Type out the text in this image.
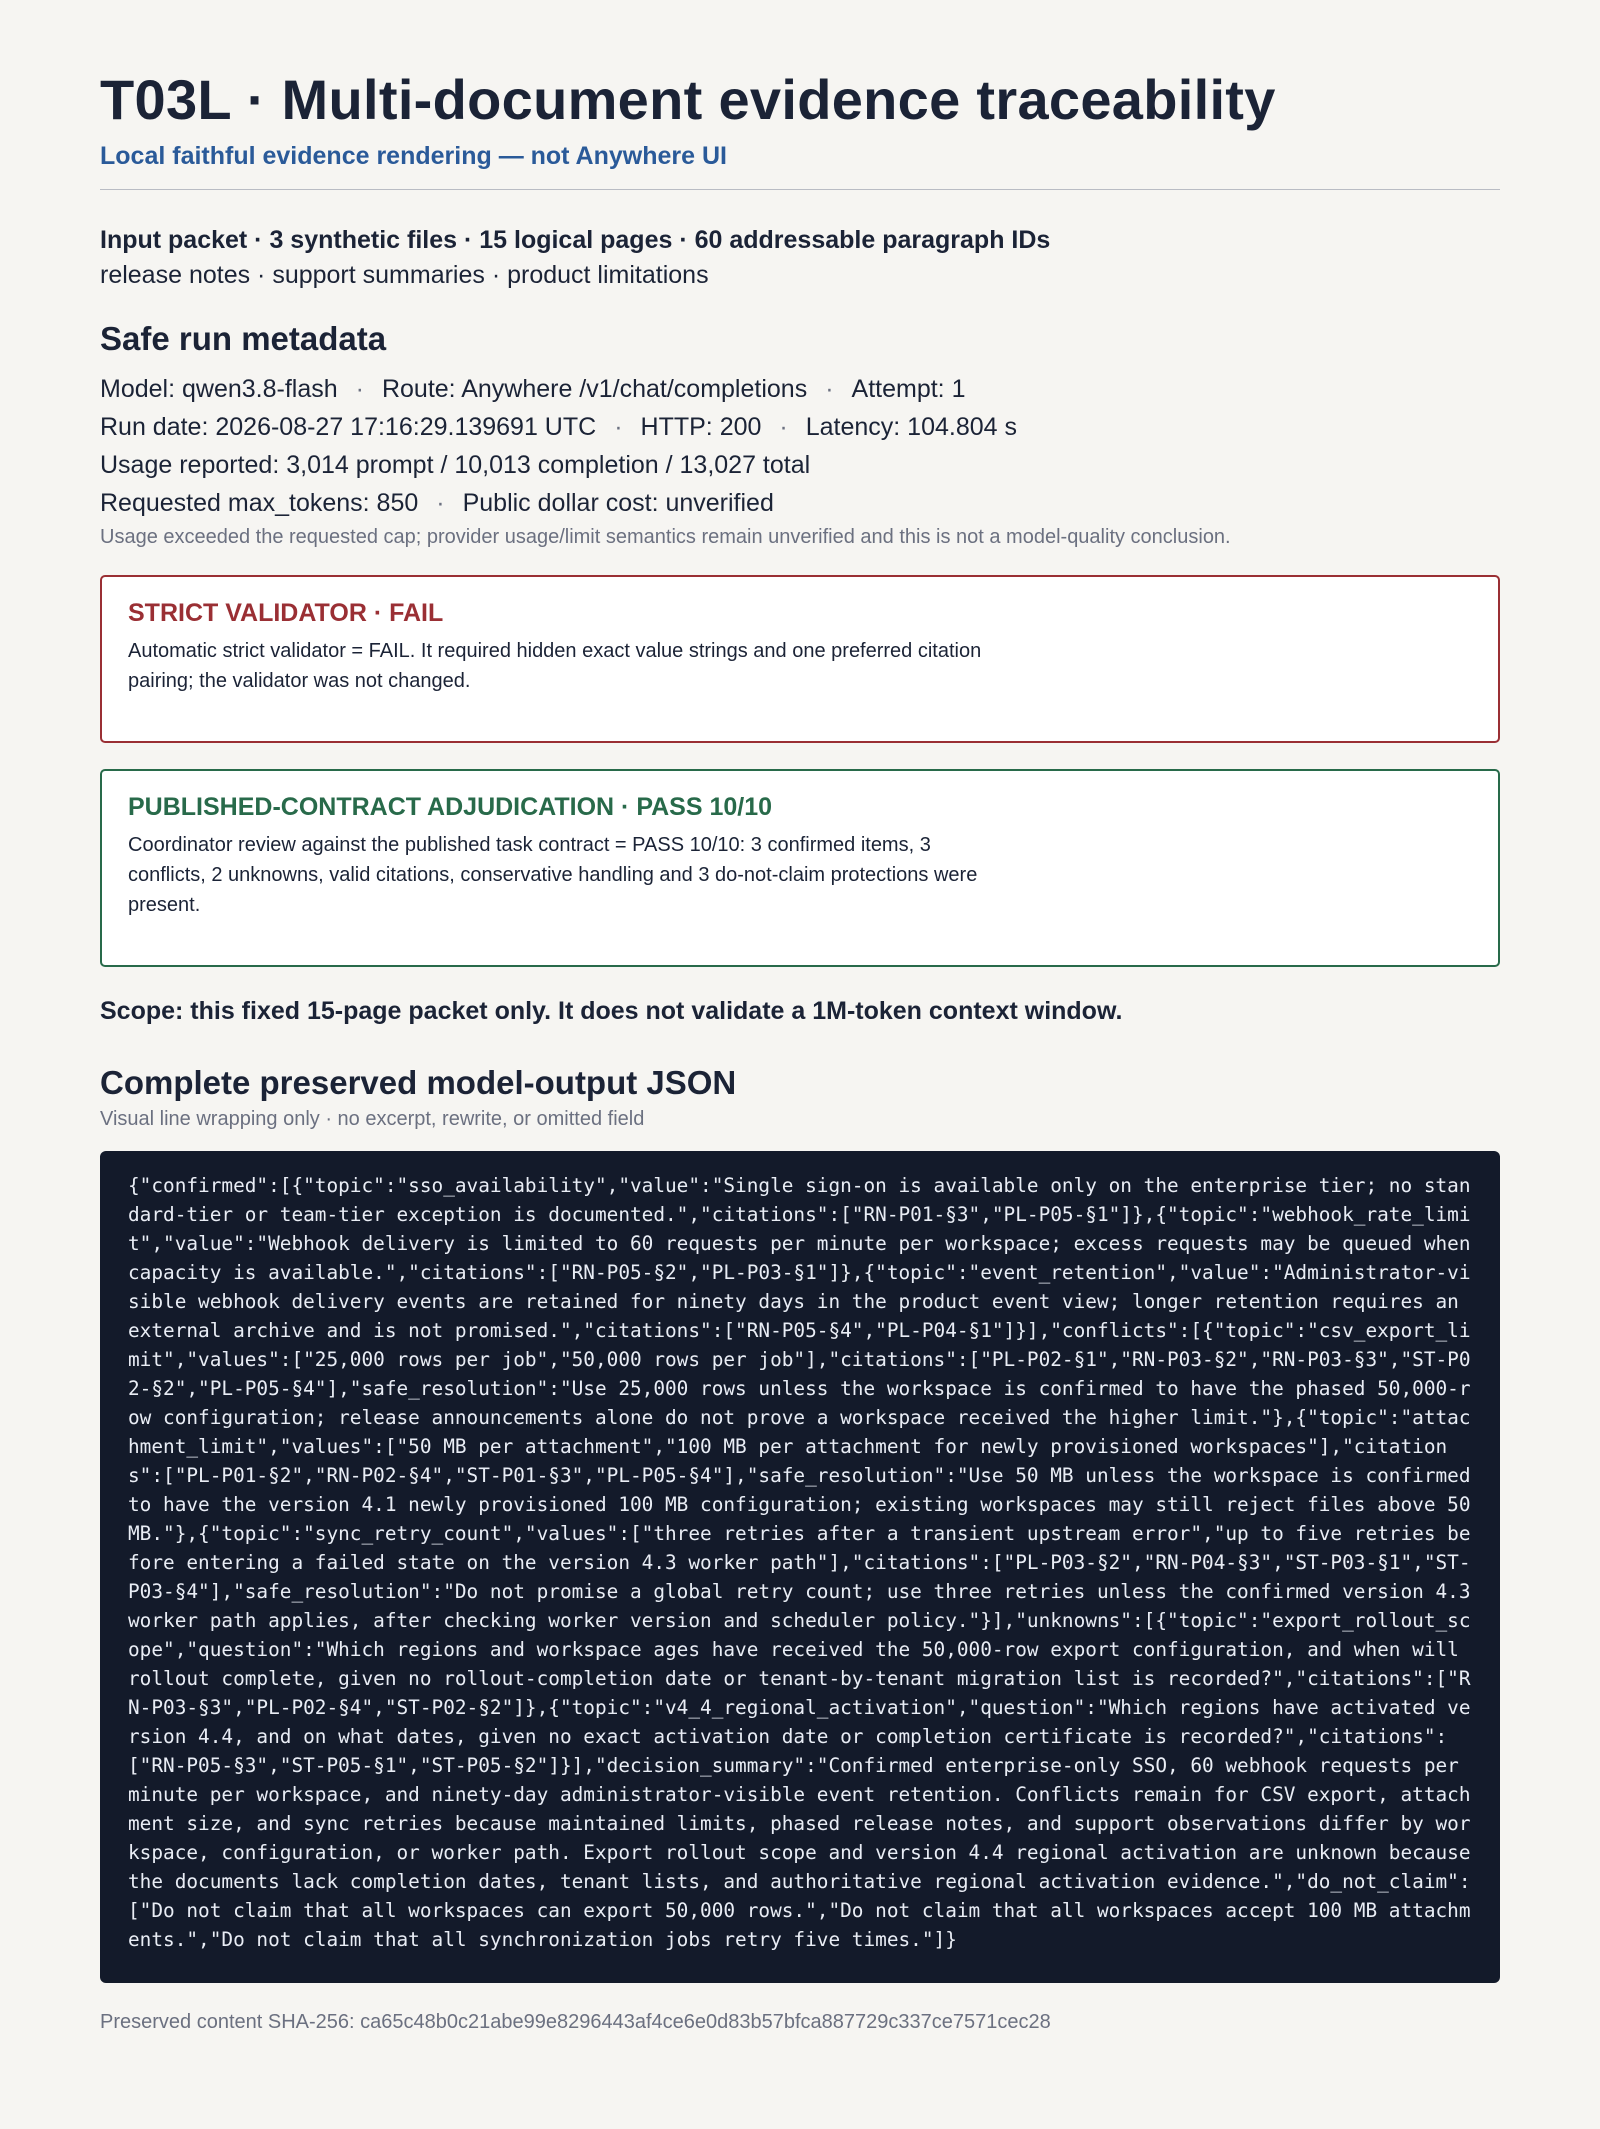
T03L · Multi-document evidence traceability
Local faithful evidence rendering — not Anywhere UI
Input packet · 3 synthetic files · 15 logical pages · 60 addressable paragraph IDs
release notes · support summaries · product limitations
Safe run metadata
Model: qwen3.8-flash · Route: Anywhere /v1/chat/completions · Attempt: 1
Run date: 2026-08-27 17:16:29.139691 UTC · HTTP: 200 · Latency: 104.804 s
Usage reported: 3,014 prompt / 10,013 completion / 13,027 total
Requested max_tokens: 850 · Public dollar cost: unverified
Usage exceeded the requested cap; provider usage/limit semantics remain unverified and this is not a model-quality conclusion.
STRICT VALIDATOR · FAIL
Automatic strict validator = FAIL. It required hidden exact value strings and one preferred citation pairing; the validator was not changed.
PUBLISHED-CONTRACT ADJUDICATION · PASS 10/10
Coordinator review against the published task contract = PASS 10/10: 3 confirmed items, 3 conflicts, 2 unknowns, valid citations, conservative handling and 3 do-not-claim protections were present.
Scope: this fixed 15-page packet only. It does not validate a 1M-token context window.
Complete preserved model-output JSON
Visual line wrapping only · no excerpt, rewrite, or omitted field
{"confirmed":[{"topic":"sso_availability","value":"Single sign-on is available only on the enterprise tier; no standard-tier or team-tier exception is documented.","citations":["RN-P01-§3","PL-P05-§1"]},{"topic":"webhook_rate_limit","value":"Webhook delivery is limited to 60 requests per minute per workspace; excess requests may be queued when capacity is available.","citations":["RN-P05-§2","PL-P03-§1"]},{"topic":"event_retention","value":"Administrator-visible webhook delivery events are retained for ninety days in the product event view; longer retention requires an external archive and is not promised.","citations":["RN-P05-§4","PL-P04-§1"]}],"conflicts":[{"topic":"csv_export_limit","values":["25,000 rows per job","50,000 rows per job"],"citations":["PL-P02-§1","RN-P03-§2","RN-P03-§3","ST-P02-§2","PL-P05-§4"],"safe_resolution":"Use 25,000 rows unless the workspace is confirmed to have the phased 50,000-row configuration; release announcements alone do not prove a workspace received the higher limit."},{"topic":"attachment_limit","values":["50 MB per attachment","100 MB per attachment for newly provisioned workspaces"],"citations":["PL-P01-§2","RN-P02-§4","ST-P01-§3","PL-P05-§4"],"safe_resolution":"Use 50 MB unless the workspace is confirmed to have the version 4.1 newly provisioned 100 MB configuration; existing workspaces may still reject files above 50 MB."},{"topic":"sync_retry_count","values":["three retries after a transient upstream error","up to five retries before entering a failed state on the version 4.3 worker path"],"citations":["PL-P03-§2","RN-P04-§3","ST-P03-§1","ST-P03-§4"],"safe_resolution":"Do not promise a global retry count; use three retries unless the confirmed version 4.3 worker path applies, after checking worker version and scheduler policy."}],"unknowns":[{"topic":"export_rollout_scope","question":"Which regions and workspace ages have received the 50,000-row export configuration, and when will rollout complete, given no rollout-completion date or tenant-by-tenant migration list is recorded?","citations":["RN-P03-§3","PL-P02-§4","ST-P02-§2"]},{"topic":"v4_4_regional_activation","question":"Which regions have activated version 4.4, and on what dates, given no exact activation date or completion certificate is recorded?","citations":["RN-P05-§3","ST-P05-§1","ST-P05-§2"]}],"decision_summary":"Confirmed enterprise-only SSO, 60 webhook requests per minute per workspace, and ninety-day administrator-visible event retention. Conflicts remain for CSV export, attachment size, and sync retries because maintained limits, phased release notes, and support observations differ by workspace, configuration, or worker path. Export rollout scope and version 4.4 regional activation are unknown because the documents lack completion dates, tenant lists, and authoritative regional activation evidence.","do_not_claim":["Do not claim that all workspaces can export 50,000 rows.","Do not claim that all workspaces accept 100 MB attachments.","Do not claim that all synchronization jobs retry five times."]}
Preserved content SHA-256: ca65c48b0c21abe99e8296443af4ce6e0d83b57bfca887729c337ce7571cec28
